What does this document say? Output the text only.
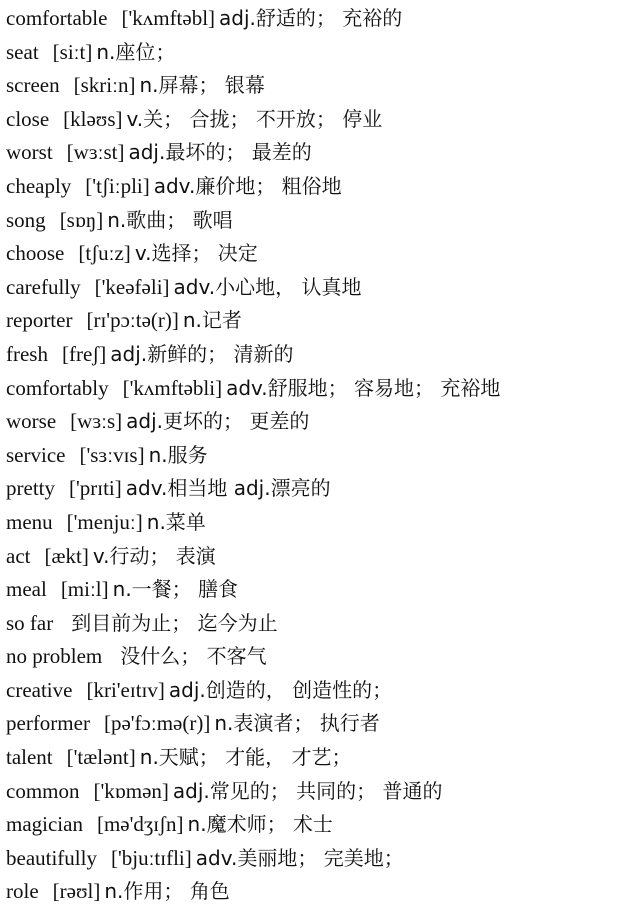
comfortable ['kʌmftəbl] adj.舒适的； 充裕的
seat [siːt] n.座位；
screen [skriːn] n.屏幕； 银幕
close [kləʊs] v.关； 合拢； 不开放； 停业
worst [wɜːst] adj.最坏的； 最差的
cheaply ['tʃiːpli] adv.廉价地； 粗俗地
song [sɒŋ] n.歌曲； 歌唱
choose [tʃuːz] v.选择； 决定
carefully ['keəfəli] adv.小心地， 认真地
reporter [rɪ'pɔːtə(r)] n.记者
fresh [freʃ] adj.新鲜的； 清新的
comfortably ['kʌmftəbli] adv.舒服地； 容易地； 充裕地
worse [wɜːs] adj.更坏的； 更差的
service ['sɜːvɪs] n.服务
pretty ['prɪti] adv.相当地 adj.漂亮的
menu ['menjuː] n.菜单
act [ækt] v.行动； 表演
meal [miːl] n.一餐； 膳食
so far 到目前为止； 迄今为止
no problem 没什么； 不客气
creative [kri'eɪtɪv] adj.创造的， 创造性的；
performer [pə'fɔːmə(r)] n.表演者； 执行者
talent ['tælənt] n.天赋； 才能， 才艺；
common ['kɒmən] adj.常见的； 共同的； 普通的
magician [mə'dʒɪʃn] n.魔术师； 术士
beautifully ['bjuːtɪfli] adv.美丽地； 完美地；
role [rəʊl] n.作用； 角色
